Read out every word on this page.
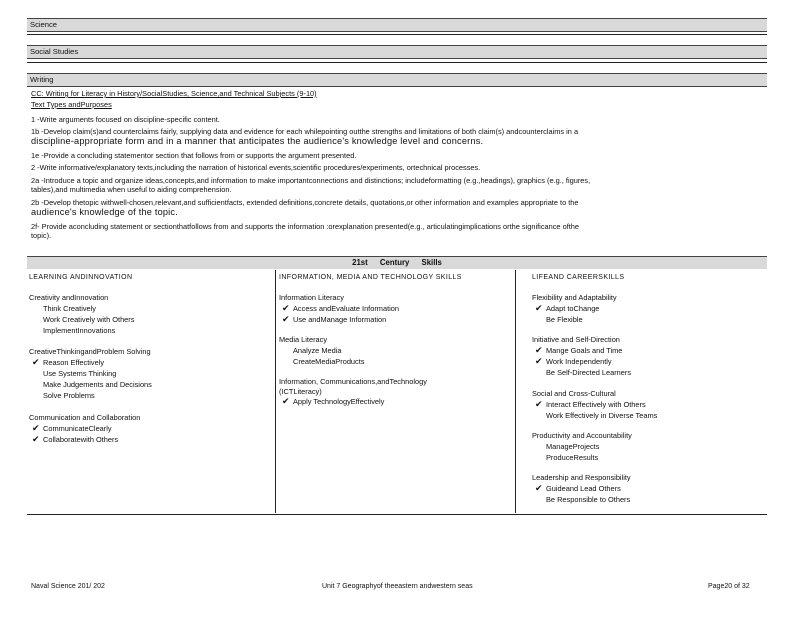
Science
Social Studies
Writing
CC: Writing for Literacy in History/SocialStudies, Science,and Technical Subjects (9-10)
Text Types andPurposes
1 -Write arguments focused on discipline-specific content.
1b -Develop claim(s)and counterclaims fairly, supplying data and evidence for each whilepointing outthe strengths and limitations of both claim(s) andcounterclaims in a
discipline-appropriate form and in a manner that anticipates the audience's knowledge level and concerns.
1e -Provide a concluding statementor section that follows from or supports the argument presented.
2 -Write informative/explanatory texts,including the narration of historical events,scientific procedures/experiments, ortechnical processes.
2a -Introduce a topic and organize ideas,concepts,and information to make importantconnections and distinctions; includeformatting (e.g.,headings), graphics (e.g., figures,
tables),and multimedia when useful to aiding comprehension.
2b -Develop thetopic withwell-chosen,relevant,and sufficientfacts, extended definitions,concrete details, quotations,or other information and examples appropriate to the
audience's knowledge of the topic.
2f- Provide aconcluding statement or sectionthatfollows from and supports the information :orexplanation presented(e.g., articulatingimplications orthe significance ofthe
topic).
21st Century Skills
LEARNING ANDINNOVATION
Creativity andInnovation
Think Creatively
Work Creatively with Others
ImplementInnovations
CreativeThinkingandProblem Solving
✔ Reason Effectively
Use Systems Thinking
Make Judgements and Decisions
Solve Problems
Communication and Collaboration
✔ CommunicateClearly
✔ Collaboratewith Others
INFORMATION, MEDIA AND TECHNOLOGY SKILLS
Information Literacy
✔ Access andEvaluate Information
✔ Use andManage Information
Media Literacy
Analyze Media
CreateMediaProducts
Information, Communications,andTechnology
(ICTLiteracy)
✔ Apply TechnologyEffectively
LIFEAND CAREERSKILLS
Flexibility and Adaptability
✔ Adapt toChange
Be Flexible
Initiative and Self-Direction
✔ Mange Goals and Time
✔ Work Independently
Be Self-Directed Learners
Social and Cross-Cultural
✔ Interact Effectively with Others
Work Effectively in Diverse Teams
Productivity and Accountability
ManageProjects
ProduceResults
Leadership and Responsibility
✔ Guideand Lead Others
Be Responsible to Others
Naval Science 201/ 202	Unit 7 Geographyof theeastern andwestern seas	Page20 of 32
